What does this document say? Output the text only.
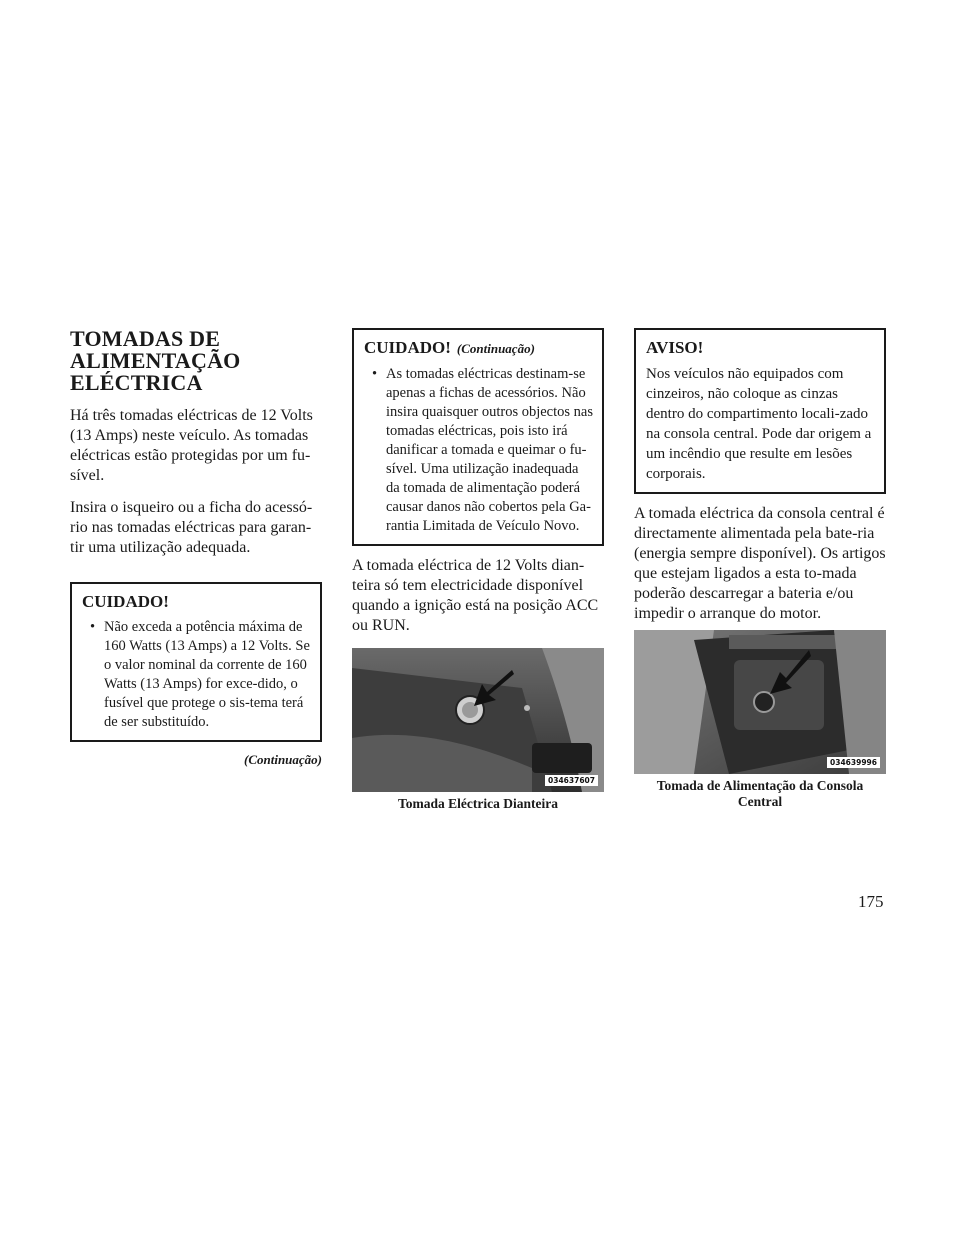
TOMADAS DE
ALIMENTAÇÃO
ELÉCTRICA

Há três tomadas eléctricas de 12 Volts (13 Amps) neste veículo. As tomadas eléctricas estão protegidas por um fu-sível.

Insira o isqueiro ou a ficha do acessó-rio nas tomadas eléctricas para garan-tir uma utilização adequada.

CUIDADO!
• Não exceda a potência máxima de 160 Watts (13 Amps) a 12 Volts. Se o valor nominal da corrente de 160 Watts (13 Amps) for exce-dido, o fusível que protege o sis-tema terá de ser substituído.
(Continuação)
CUIDADO! (Continuação)
• As tomadas eléctricas destinam-se apenas a fichas de acessórios. Não insira quaisquer outros objectos nas tomadas eléctricas, pois isto irá danificar a tomada e queimar o fu-sível. Uma utilização inadequada da tomada de alimentação poderá causar danos não cobertos pela Ga-rantia Limitada de Veículo Novo.

A tomada eléctrica de 12 Volts dian-teira só tem electricidade disponível quando a ignição está na posição ACC ou RUN.

034637607
Tomada Eléctrica Dianteira
AVISO!

Nos veículos não equipados com cinzeiros, não coloque as cinzas dentro do compartimento locali-zado na consola central. Pode dar origem a um incêndio que resulte em lesões corporais.

A tomada eléctrica da consola central é directamente alimentada pela bate-ria (energia sempre disponível). Os artigos que estejam ligados a esta to-mada poderão descarregar a bateria e/ou impedir o arranque do motor.

034639996
Tomada de Alimentação da Consola Central
175
